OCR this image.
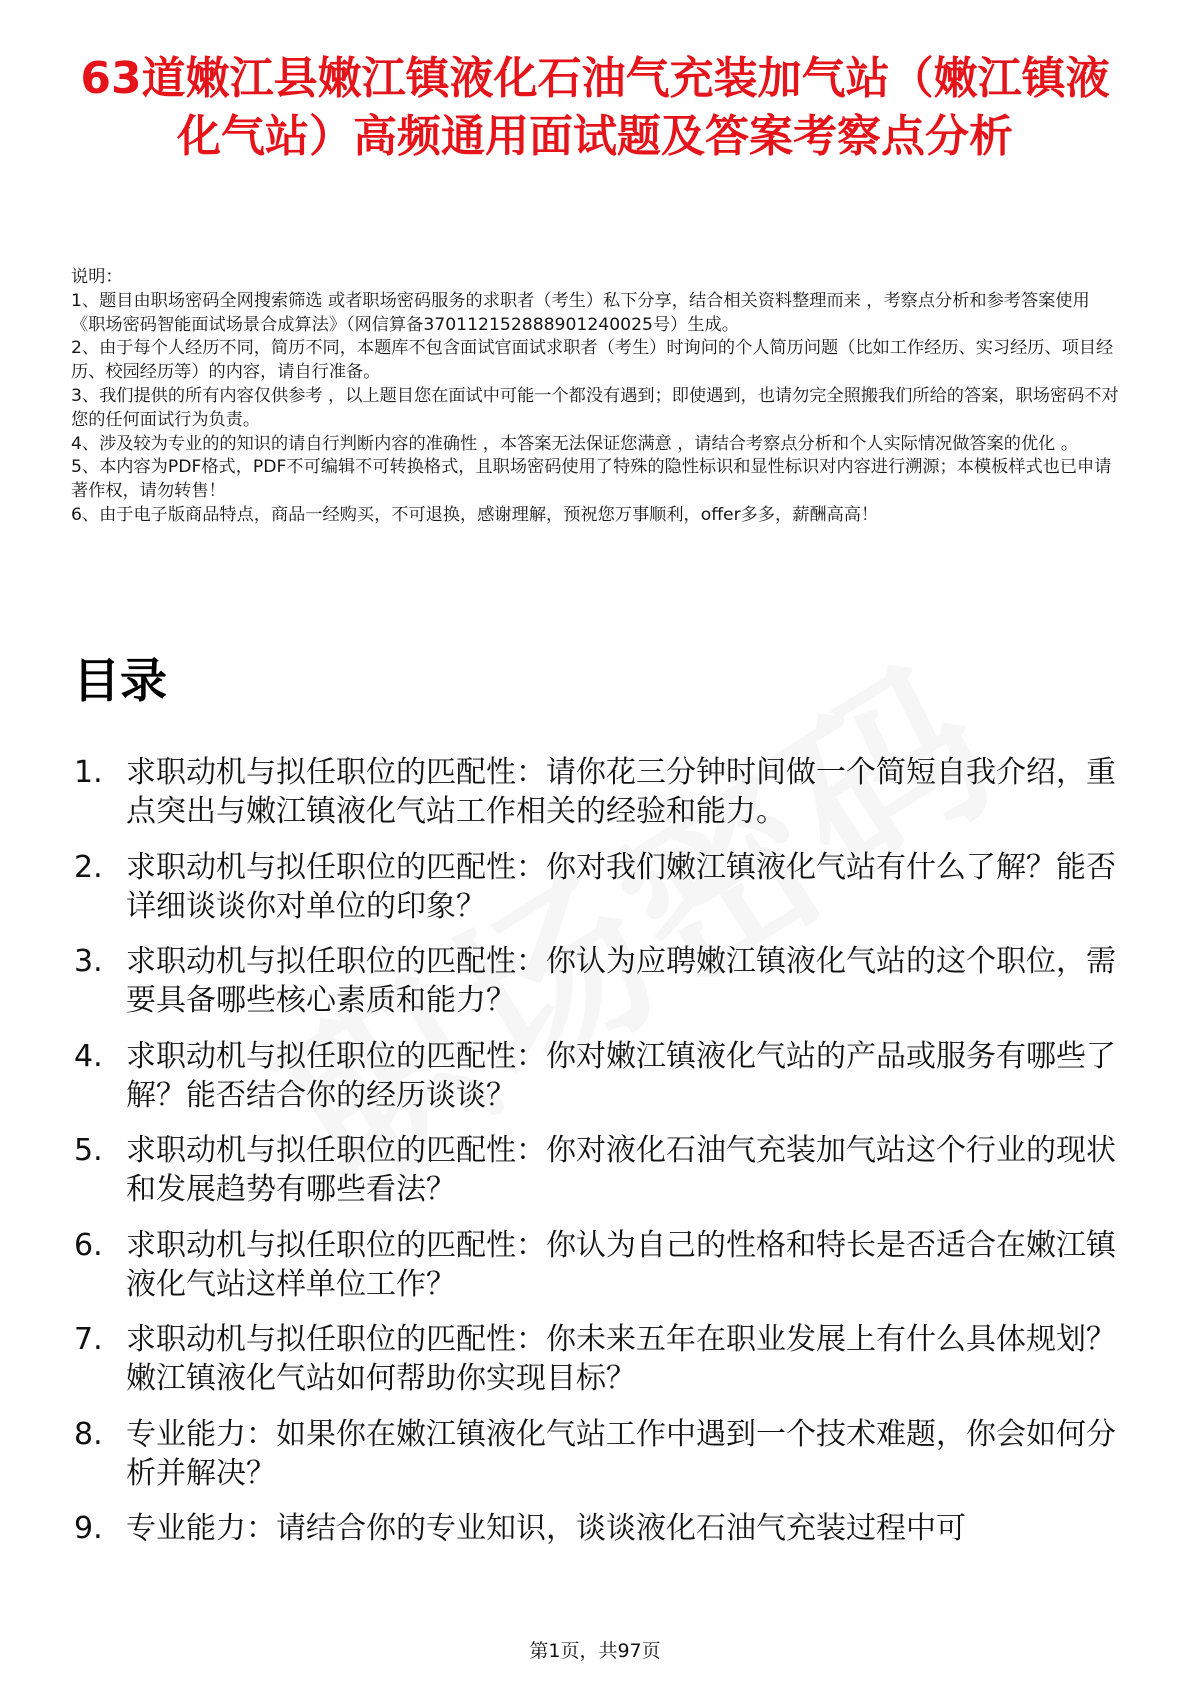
63道嫩江县嫩江镇液化石油气充装加气站（嫩江镇液化气站）高频通用面试题及答案考察点分析

说明：

1、题目由职场密码全网搜索筛选 或者职场密码服务的求职者（考生）私下分享，结合相关资料整理而来 ，考察点分析和参考答案使用《职场密码智能面试场景合成算法》（网信算备370112152888901240025号）生成。

2、由于每个人经历不同，简历不同，本题库不包含面试官面试求职者（考生）时询问的个人简历问题（比如工作经历、实习经历、项目经历、校园经历等）的内容，请自行准备。

3、我们提供的所有内容仅供参考 ，以上题目您在面试中可能一个都没有遇到；即使遇到，也请勿完全照搬我们所给的答案，职场密码不对您的任何面试行为负责。

4、涉及较为专业的的知识的请自行判断内容的准确性 ，本答案无法保证您满意 ，请结合考察点分析和个人实际情况做答案的优化 。

5、本内容为PDF格式，PDF不可编辑不可转换格式，且职场密码使用了特殊的隐性标识和显性标识对内容进行溯源；本模板样式也已申请著作权，请勿转售！

6、由于电子版商品特点，商品一经购买，不可退换，感谢理解，预祝您万事顺利，offer多多，薪酬高高！

目录
1. 求职动机与拟任职位的匹配性：请你花三分钟时间做一个简短自我介绍，重点突出与嫩江镇液化气站工作相关的经验和能力。
2. 求职动机与拟任职位的匹配性：你对我们嫩江镇液化气站有什么了解？能否详细谈谈你对单位的印象？
3. 求职动机与拟任职位的匹配性：你认为应聘嫩江镇液化气站的这个职位，需要具备哪些核心素质和能力？
4. 求职动机与拟任职位的匹配性：你对嫩江镇液化气站的产品或服务有哪些了解？能否结合你的经历谈谈？
5. 求职动机与拟任职位的匹配性：你对液化石油气充装加气站这个行业的现状和发展趋势有哪些看法？
6. 求职动机与拟任职位的匹配性：你认为自己的性格和特长是否适合在嫩江镇液化气站这样单位工作？
7. 求职动机与拟任职位的匹配性：你未来五年在职业发展上有什么具体规划？嫩江镇液化气站如何帮助你实现目标？
8. 专业能力：如果你在嫩江镇液化气站工作中遇到一个技术难题，你会如何分析并解决？
9. 专业能力：请结合你的专业知识，谈谈液化石油气充装过程中可
第1页，共97页
